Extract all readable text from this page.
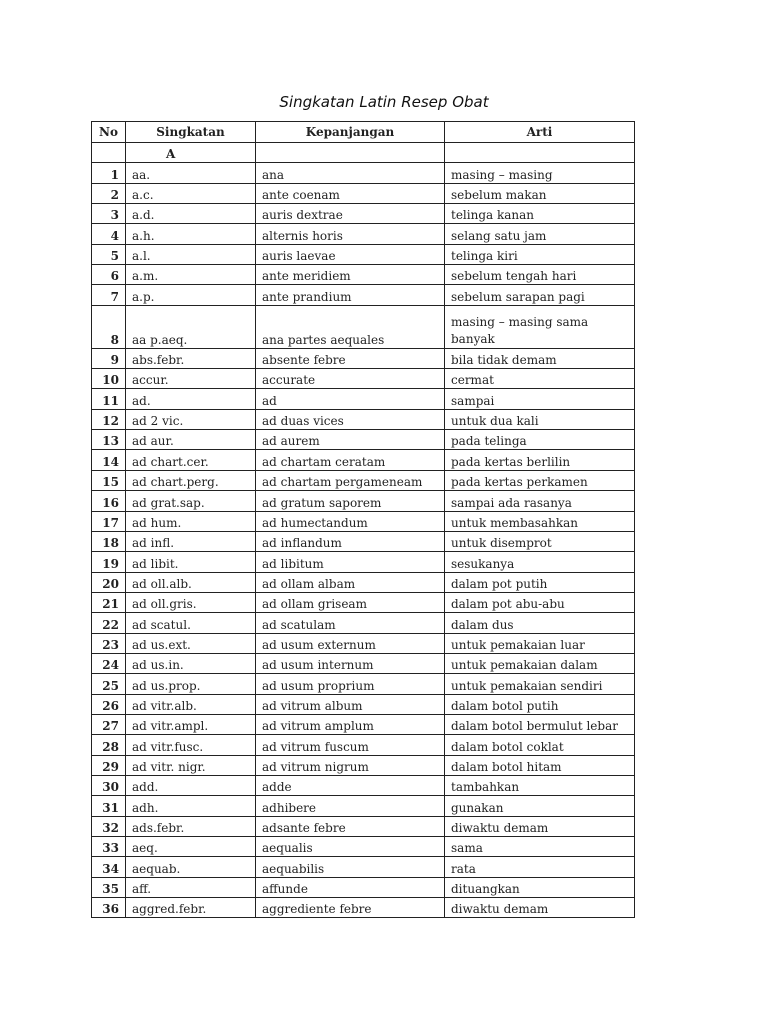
Singkatan Latin Resep Obat
No	Singkatan	Kepanjangan	Arti
	A		
1	aa.	ana	masing – masing
2	a.c.	ante coenam	sebelum makan
3	a.d.	auris dextrae	telinga kanan
4	a.h.	alternis horis	selang satu jam
5	a.l.	auris laevae	telinga kiri
6	a.m.	ante meridiem	sebelum tengah hari
7	a.p.	ante prandium	sebelum sarapan pagi
8	aa p.aeq.	ana partes aequales	masing – masing sama banyak
9	abs.febr.	absente febre	bila tidak demam
10	accur.	accurate	cermat
11	ad.	ad	sampai
12	ad 2 vic.	ad duas vices	untuk dua kali
13	ad aur.	ad aurem	pada telinga
14	ad chart.cer.	ad chartam ceratam	pada kertas berlilin
15	ad chart.perg.	ad chartam pergameneam	pada kertas perkamen
16	ad grat.sap.	ad gratum saporem	sampai ada rasanya
17	ad hum.	ad humectandum	untuk membasahkan
18	ad infl.	ad inflandum	untuk disemprot
19	ad libit.	ad libitum	sesukanya
20	ad oll.alb.	ad ollam albam	dalam pot putih
21	ad oll.gris.	ad ollam griseam	dalam pot abu-abu
22	ad scatul.	ad scatulam	dalam dus
23	ad us.ext.	ad usum externum	untuk pemakaian luar
24	ad us.in.	ad usum internum	untuk pemakaian dalam
25	ad us.prop.	ad usum proprium	untuk pemakaian sendiri
26	ad vitr.alb.	ad vitrum album	dalam botol putih
27	ad vitr.ampl.	ad vitrum amplum	dalam botol bermulut lebar
28	ad vitr.fusc.	ad vitrum fuscum	dalam botol coklat
29	ad vitr. nigr.	ad vitrum nigrum	dalam botol hitam
30	add.	adde	tambahkan
31	adh.	adhibere	gunakan
32	ads.febr.	adsante febre	diwaktu demam
33	aeq.	aequalis	sama
34	aequab.	aequabilis	rata
35	aff.	affunde	dituangkan
36	aggred.febr.	aggrediente febre	diwaktu demam
